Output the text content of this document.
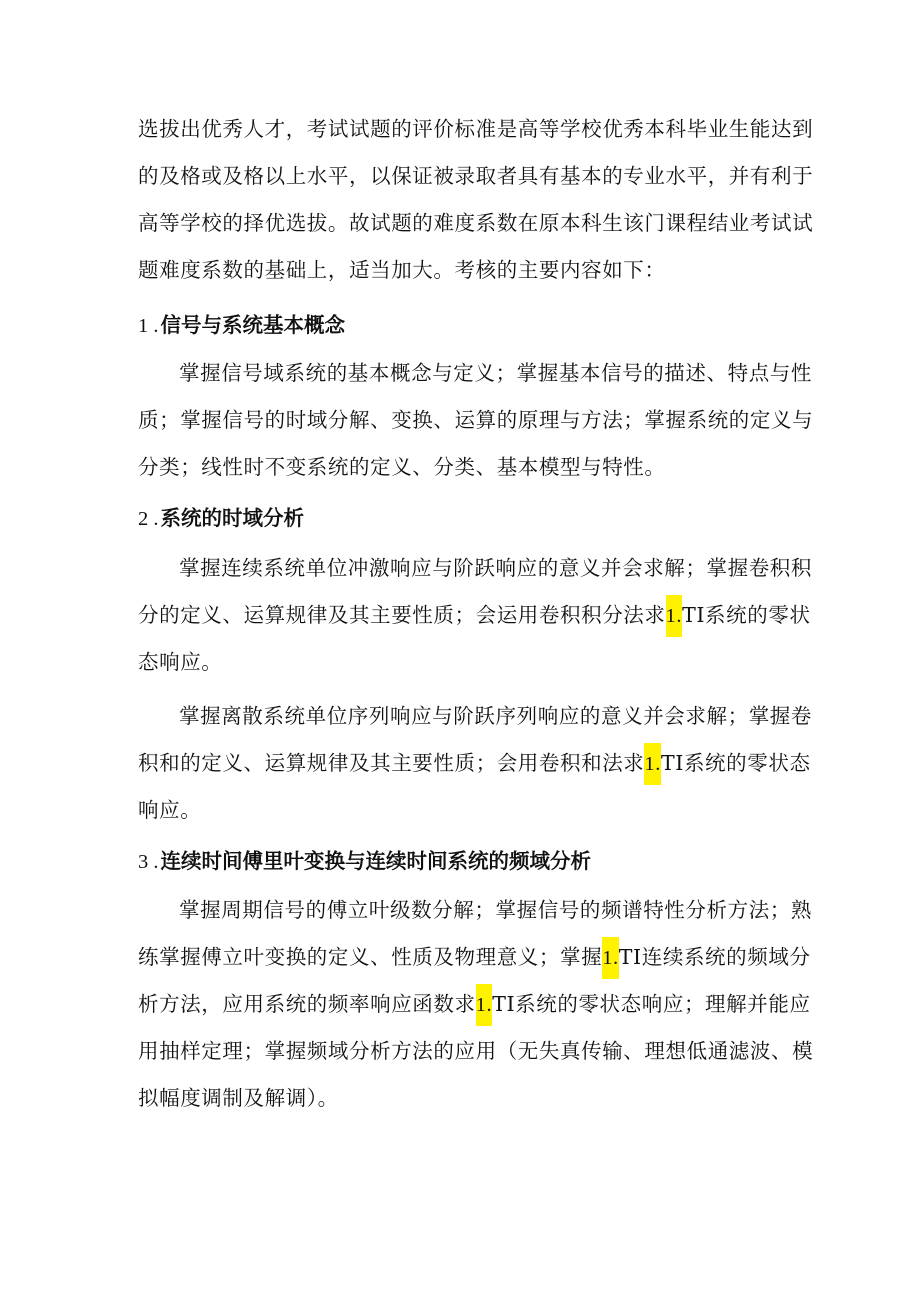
选拔出优秀人才，考试试题的评价标准是高等学校优秀本科毕业生能达到
的及格或及格以上水平，以保证被录取者具有基本的专业水平，并有利于
高等学校的择优选拔。故试题的难度系数在原本科生该门课程结业考试试
题难度系数的基础上，适当加大。考核的主要内容如下：
1 .信号与系统基本概念
掌握信号域系统的基本概念与定义；掌握基本信号的描述、特点与性
质；掌握信号的时域分解、变换、运算的原理与方法；掌握系统的定义与
分类；线性时不变系统的定义、分类、基本模型与特性。
2 .系统的时域分析
掌握连续系统单位冲激响应与阶跃响应的意义并会求解；掌握卷积积
分的定义、运算规律及其主要性质；会运用卷积积分法求1.TI系统的零状
态响应。
掌握离散系统单位序列响应与阶跃序列响应的意义并会求解；掌握卷
积和的定义、运算规律及其主要性质；会用卷积和法求1.TI系统的零状态
响应。
3 .连续时间傅里叶变换与连续时间系统的频域分析
掌握周期信号的傅立叶级数分解；掌握信号的频谱特性分析方法；熟
练掌握傅立叶变换的定义、性质及物理意义；掌握1.TI连续系统的频域分
析方法，应用系统的频率响应函数求1.TI系统的零状态响应；理解并能应
用抽样定理；掌握频域分析方法的应用（无失真传输、理想低通滤波、模
拟幅度调制及解调）。
